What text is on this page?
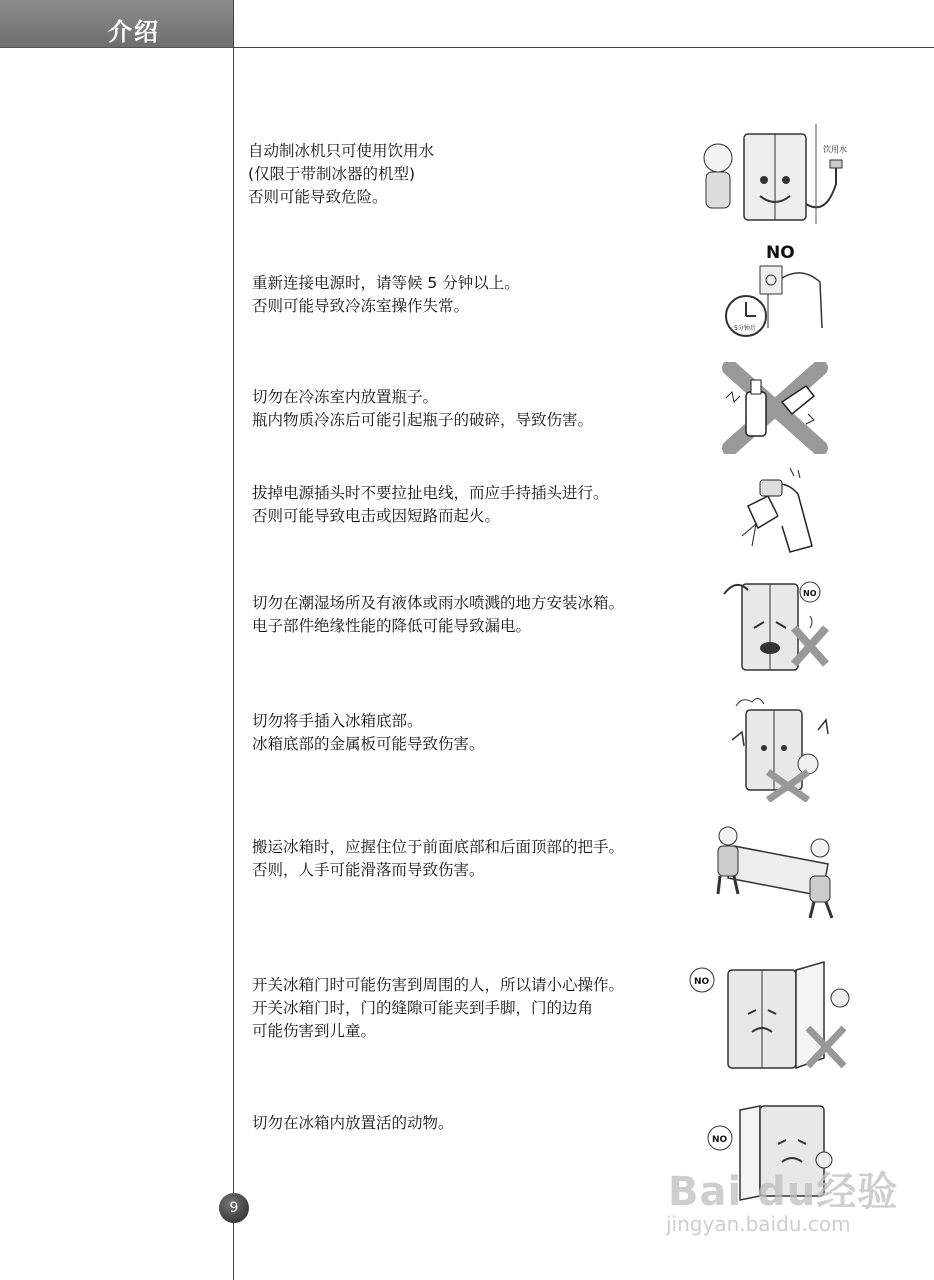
介绍

自动制冰机只可使用饮用水

(仅限于带制冰器的机型)

否则可能导致危险。

饮用水

重新连接电源时，请等候 5 分钟以上。

否则可能导致冷冻室操作失常。

NO
5分钟后

切勿在冷冻室内放置瓶子。

瓶内物质冷冻后可能引起瓶子的破碎，导致伤害。

拔掉电源插头时不要拉扯电线，而应手持插头进行。

否则可能导致电击或因短路而起火。

切勿在潮湿场所及有液体或雨水喷溅的地方安装冰箱。

电子部件绝缘性能的降低可能导致漏电。

NO

切勿将手插入冰箱底部。

冰箱底部的金属板可能导致伤害。

搬运冰箱时，应握住位于前面底部和后面顶部的把手。

否则，人手可能滑落而导致伤害。

开关冰箱门时可能伤害到周围的人，所以请小心操作。

开关冰箱门时，门的缝隙可能夹到手脚，门的边角

可能伤害到儿童。

NO

切勿在冰箱内放置活的动物。

NO
9	Bai du经验
jingyan.baidu.com
